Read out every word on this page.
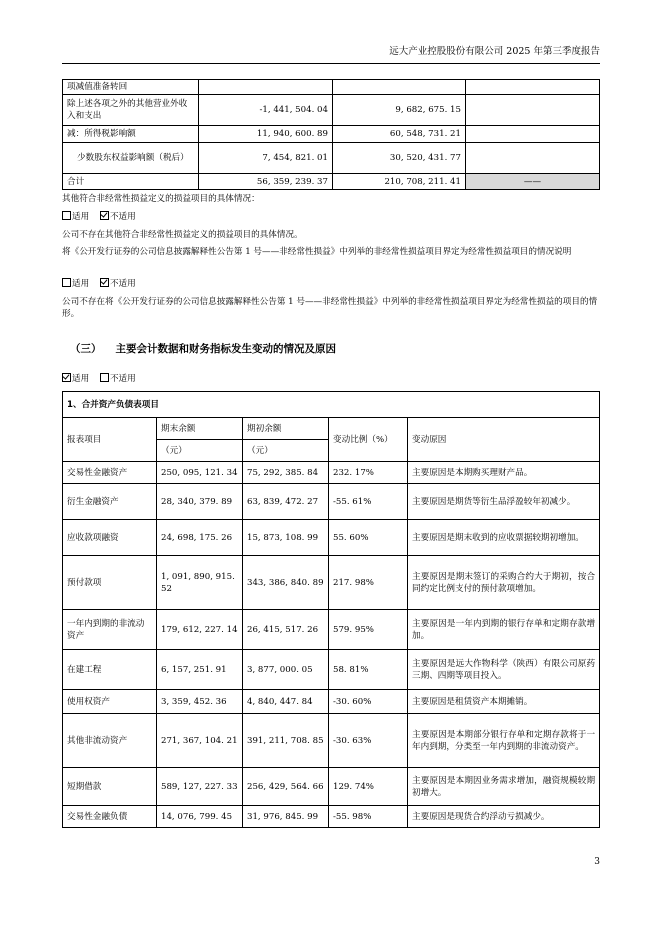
远大产业控股股份有限公司 2025 年第三季度报告
项减值准备转回			
除上述各项之外的其他营业外收入和支出	-1, 441, 504. 04	9, 682, 675. 15	
减：所得税影响额	11, 940, 600. 89	60, 548, 731. 21	
少数股东权益影响额（税后）	7, 454, 821. 01	30, 520, 431. 77	
合计	56, 359, 239. 37	210, 708, 211. 41	——
其他符合非经常性损益定义的损益项目的具体情况：
适用 不适用
公司不存在其他符合非经常性损益定义的损益项目的具体情况。
将《公开发行证券的公司信息披露解释性公告第 1 号——非经常性损益》中列举的非经常性损益项目界定为经常性损益项目的情况说明
适用 不适用
公司不存在将《公开发行证券的公司信息披露解释性公告第 1 号——非经常性损益》中列举的非经常性损益项目界定为经常性损益的项目的情形。
（三） 主要会计数据和财务指标发生变动的情况及原因
适用 不适用
1、合并资产负债表项目				
报表项目	期末余额	期初余额	变动比例（%）	变动原因
	（元）	（元）		
交易性金融资产	250, 095, 121. 34	75, 292, 385. 84	232. 17%	主要原因是本期购买理财产品。
衍生金融资产	28, 340, 379. 89	63, 839, 472. 27	-55. 61%	主要原因是期货等衍生品浮盈较年初减少。
应收款项融资	24, 698, 175. 26	15, 873, 108. 99	55. 60%	主要原因是期末收到的应收票据较期初增加。
预付款项	1, 091, 890, 915. 52	343, 386, 840. 89	217. 98%	主要原因是期末签订的采购合约大于期初，按合同约定比例支付的预付款项增加。
一年内到期的非流动资产	179, 612, 227. 14	26, 415, 517. 26	579. 95%	主要原因是一年内到期的银行存单和定期存款增加。
在建工程	6, 157, 251. 91	3, 877, 000. 05	58. 81%	主要原因是远大作物科学（陕西）有限公司原药三期、四期等项目投入。
使用权资产	3, 359, 452. 36	4, 840, 447. 84	-30. 60%	主要原因是租赁资产本期摊销。
其他非流动资产	271, 367, 104. 21	391, 211, 708. 85	-30. 63%	主要原因是本期部分银行存单和定期存款将于一年内到期，分类至一年内到期的非流动资产。
短期借款	589, 127, 227. 33	256, 429, 564. 66	129. 74%	主要原因是本期因业务需求增加，融资规模较期初增大。
交易性金融负债	14, 076, 799. 45	31, 976, 845. 99	-55. 98%	主要原因是现货合约浮动亏损减少。
3
